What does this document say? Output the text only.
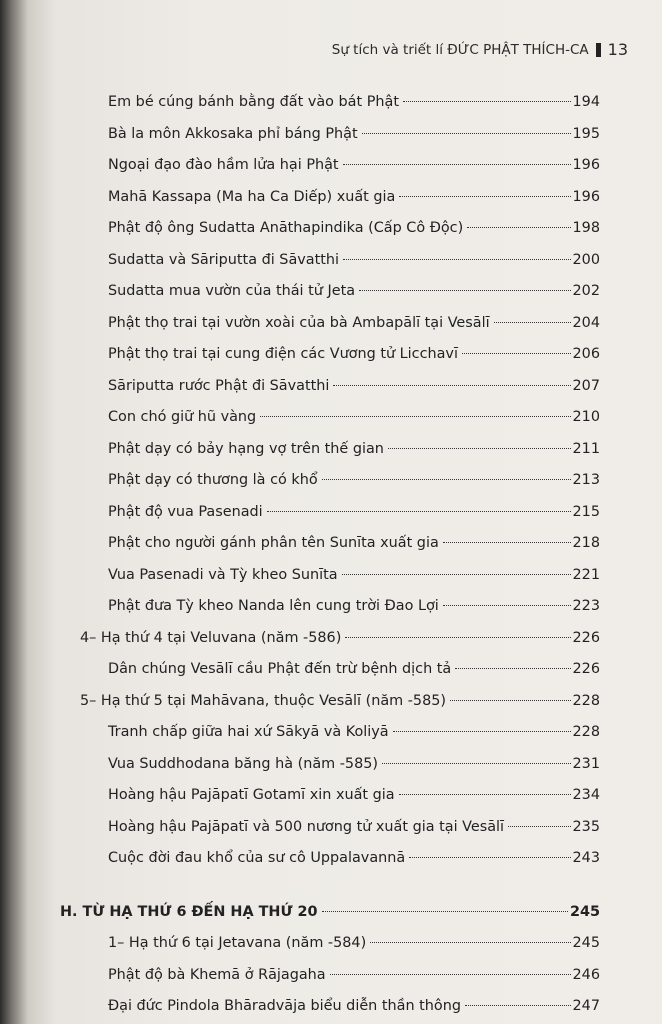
Sự tích và triết lí ĐỨC PHẬT THÍCH-CA 13
Em bé cúng bánh bằng đất vào bát Phật	194
Bà la môn Akkosaka phỉ báng Phật	195
Ngoại đạo đào hầm lửa hại Phật	196
Mahā Kassapa (Ma ha Ca Diếp) xuất gia	196
Phật độ ông Sudatta Anāthapindika (Cấp Cô Độc)	198
Sudatta và Sāriputta đi Sāvatthi	200
Sudatta mua vườn của thái tử Jeta	202
Phật thọ trai tại vườn xoài của bà Ambapālī tại Vesālī	204
Phật thọ trai tại cung điện các Vương tử Licchavī	206
Sāriputta rước Phật đi Sāvatthi	207
Con chó giữ hũ vàng	210
Phật dạy có bảy hạng vợ trên thế gian	211
Phật dạy có thương là có khổ	213
Phật độ vua Pasenadi	215
Phật cho người gánh phân tên Sunīta xuất gia	218
Vua Pasenadi và Tỳ kheo Sunīta	221
Phật đưa Tỳ kheo Nanda lên cung trời Đao Lợi	223
4– Hạ thứ 4 tại Veluvana (năm -586)	226
Dân chúng Vesālī cầu Phật đến trừ bệnh dịch tả	226
5– Hạ thứ 5 tại Mahāvana, thuộc Vesālī (năm -585)	228
Tranh chấp giữa hai xứ Sākyā và Koliyā	228
Vua Suddhodana băng hà (năm -585)	231
Hoàng hậu Pajāpatī Gotamī xin xuất gia	234
Hoàng hậu Pajāpatī và 500 nương tử xuất gia tại Vesālī	235
Cuộc đời đau khổ của sư cô Uppalavannā	243
H. TỪ HẠ THỨ 6 ĐẾN HẠ THỨ 20	245
1– Hạ thứ 6 tại Jetavana (năm -584)	245
Phật độ bà Khemā ở Rājagaha	246
Đại đức Pindola Bhāradvāja biểu diễn thần thông	247
